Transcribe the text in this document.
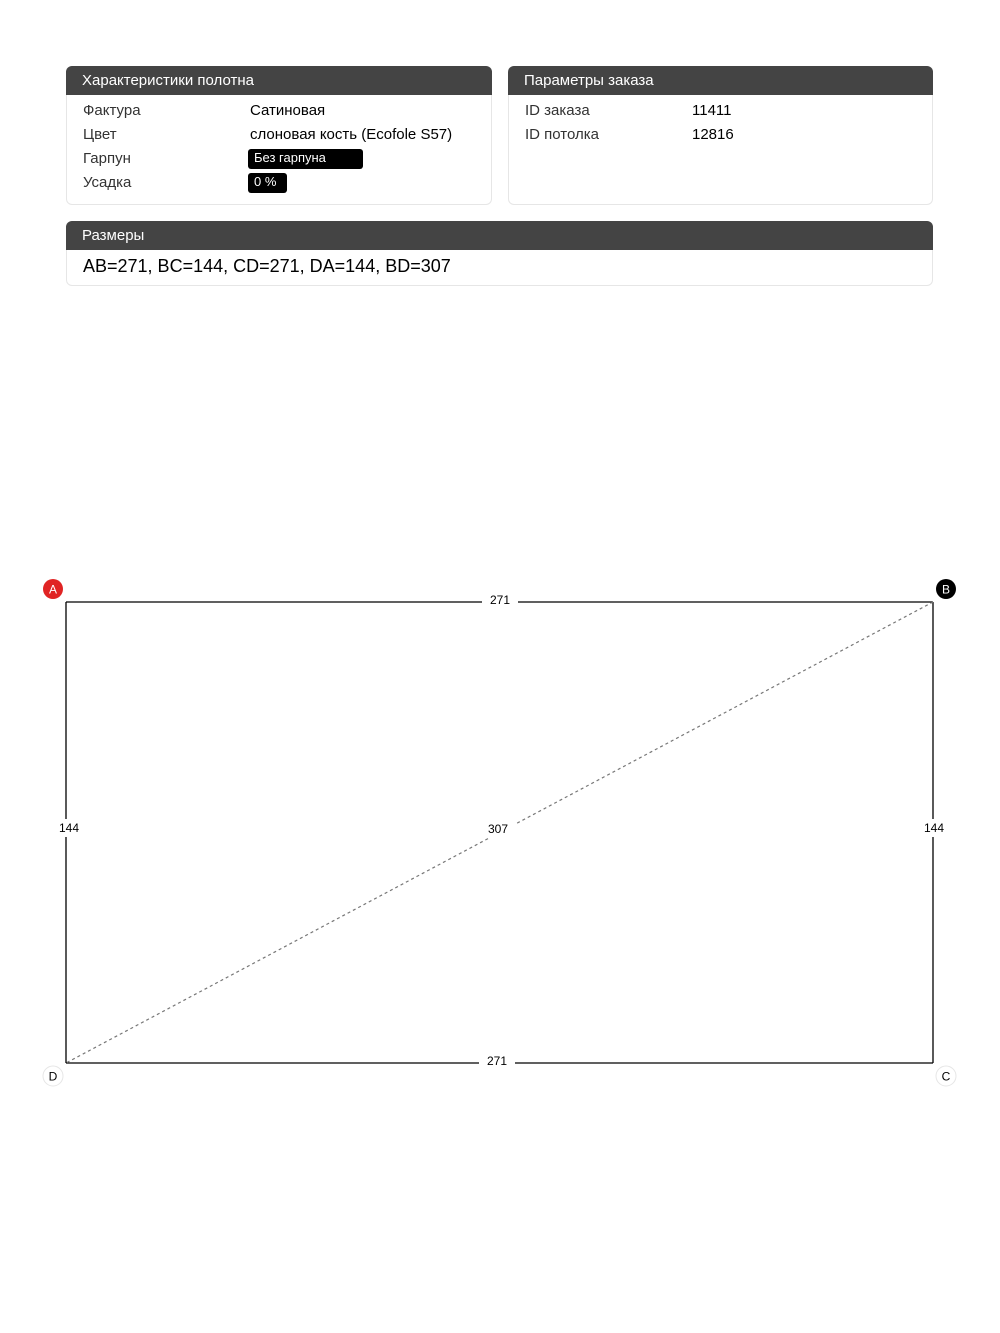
Характеристики полотна
Фактура	Сатиновая
Цвет	слоновая кость (Ecofole S57)
Гарпун	Без гарпуна
Усадка	0 %
Параметры заказа
ID заказа	11411
ID потолка	12816
Размеры
AB=271, BC=144, CD=271, DA=144, BD=307
271
271
144	144
307
A	B
C
D
